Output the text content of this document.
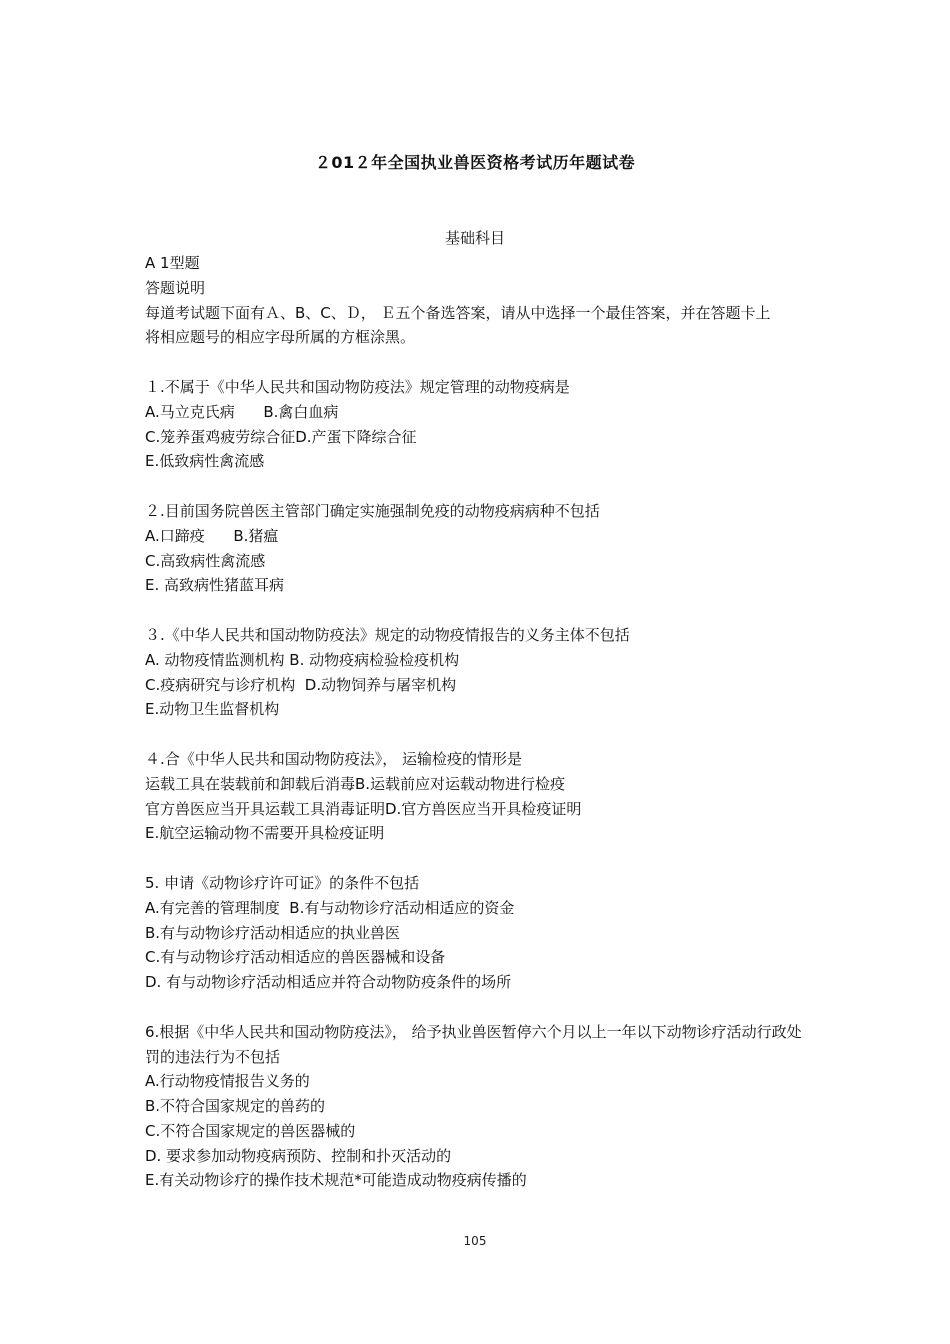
２01２年全国执业兽医资格考试历年题试卷
基础科目
A 1型题
答题说明
每道考试题下面有Ａ、B、C、Ｄ， Ｅ五个备选答案，请从中选择一个最佳答案，并在答题卡上
将相应题号的相应字母所属的方框涂黑。
１.不属于《中华人民共和国动物防疫法》规定管理的动物疫病是
A.马立克氏病      B.禽白血病
C.笼养蛋鸡疲劳综合征D.产蛋下降综合征
E.低致病性禽流感
２.目前国务院兽医主管部门确定实施强制免疫的动物疫病病种不包括
A.口蹄疫      B.猪瘟
C.高致病性禽流感
E. 高致病性猪蓝耳病
３.《中华人民共和国动物防疫法》规定的动物疫情报告的义务主体不包括
A. 动物疫情监测机构 B. 动物疫病检验检疫机构
C.疫病研究与诊疗机构  D.动物饲养与屠宰机构
E.动物卫生监督机构
４.合《中华人民共和国动物防疫法》， 运输检疫的情形是
运载工具在装载前和卸载后消毒B.运载前应对运载动物进行检疫
官方兽医应当开具运载工具消毒证明D.官方兽医应当开具检疫证明
E.航空运输动物不需要开具检疫证明
5. 申请《动物诊疗许可证》的条件不包括
A.有完善的管理制度  B.有与动物诊疗活动相适应的资金
B.有与动物诊疗活动相适应的执业兽医
C.有与动物诊疗活动相适应的兽医器械和设备
D. 有与动物诊疗活动相适应并符合动物防疫条件的场所
6.根据《中华人民共和国动物防疫法》， 给予执业兽医暂停六个月以上一年以下动物诊疗活动行政处罚的违法行为不包括
A.行动物疫情报告义务的
B.不符合国家规定的兽药的
C.不符合国家规定的兽医器械的
D. 要求参加动物疫病预防、控制和扑灭活动的
E.有关动物诊疗的操作技术规范*可能造成动物疫病传播的
105
